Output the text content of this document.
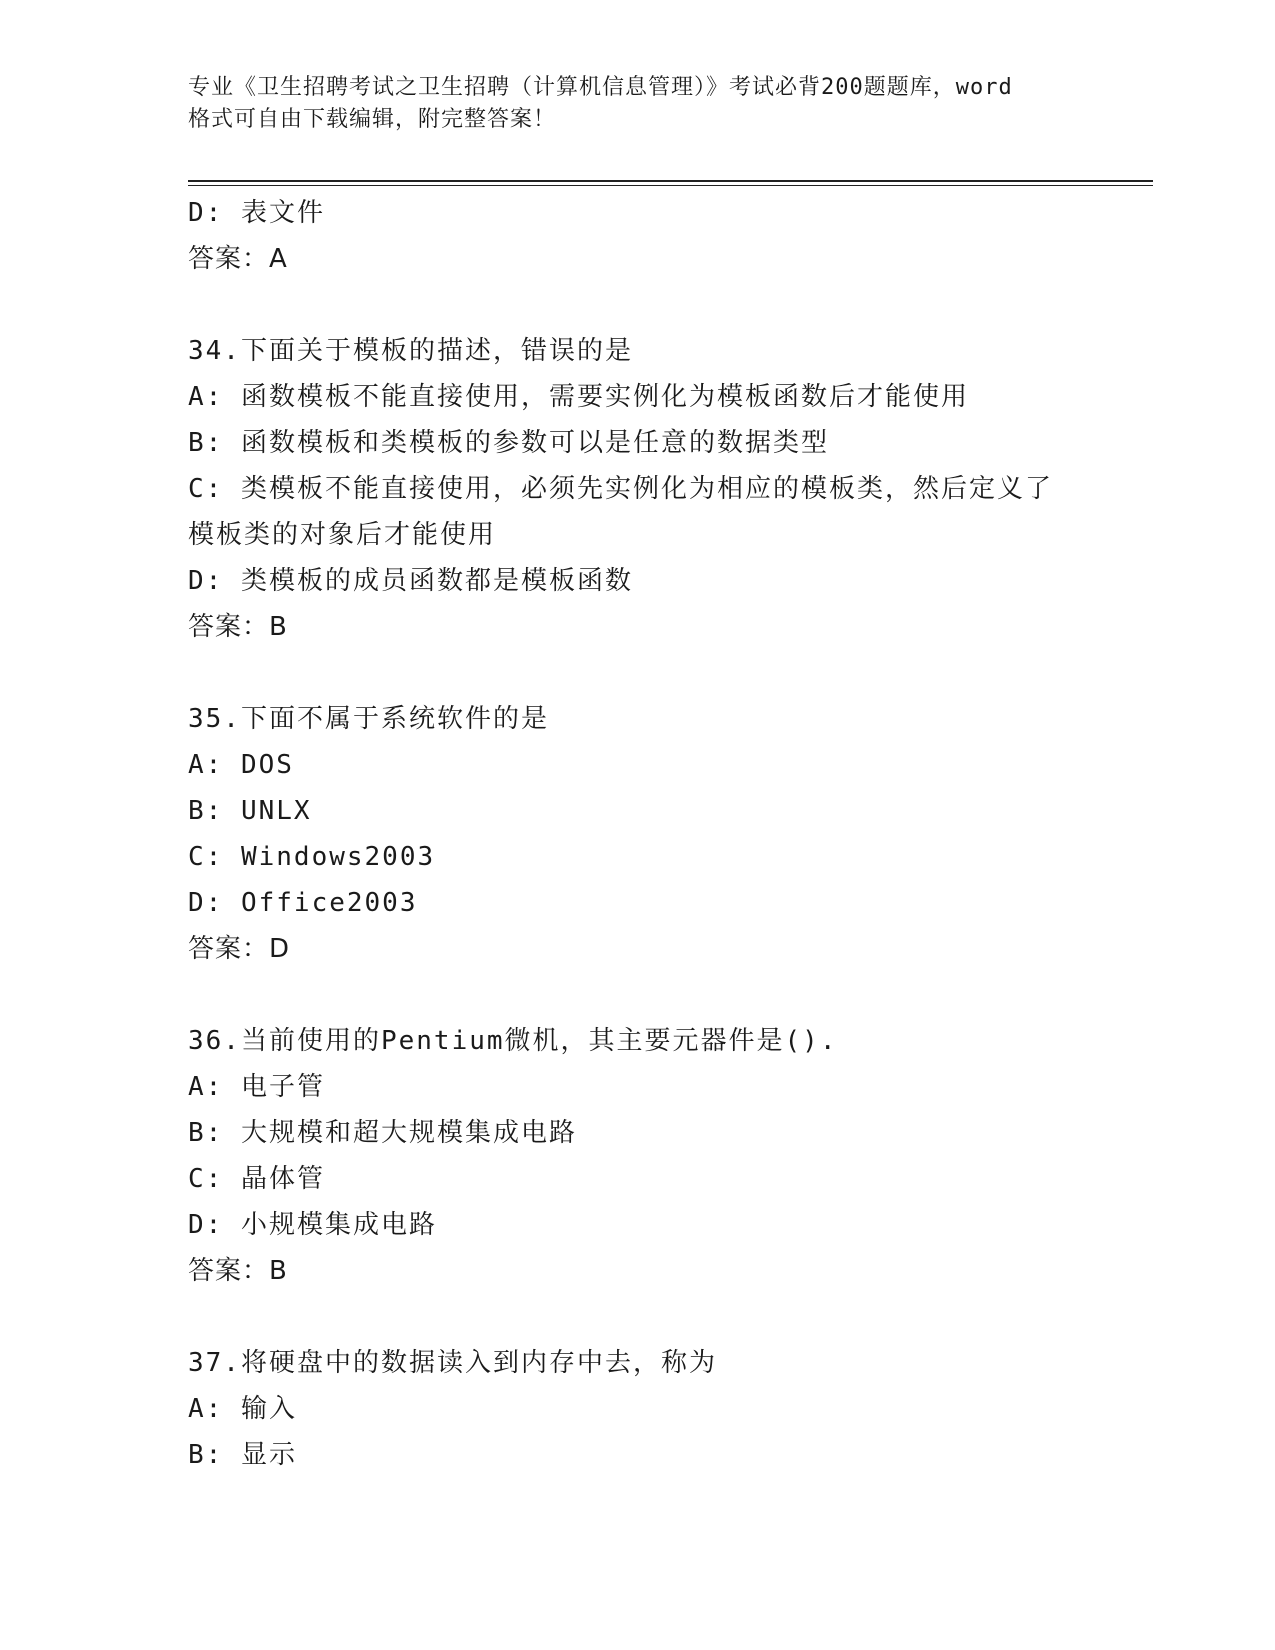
专业《卫生招聘考试之卫生招聘（计算机信息管理）》考试必背200题题库，word
格式可自由下载编辑，附完整答案！
D: 表文件
答案：A
34.下面关于模板的描述，错误的是
A: 函数模板不能直接使用，需要实例化为模板函数后才能使用
B: 函数模板和类模板的参数可以是任意的数据类型
C: 类模板不能直接使用，必须先实例化为相应的模板类，然后定义了
模板类的对象后才能使用
D: 类模板的成员函数都是模板函数
答案：B
35.下面不属于系统软件的是
A: DOS
B: UNLX
C: Windows2003
D: Office2003
答案：D
36.当前使用的Pentium微机，其主要元器件是().
A: 电子管
B: 大规模和超大规模集成电路
C: 晶体管
D: 小规模集成电路
答案：B
37.将硬盘中的数据读入到内存中去，称为
A: 输入
B: 显示
